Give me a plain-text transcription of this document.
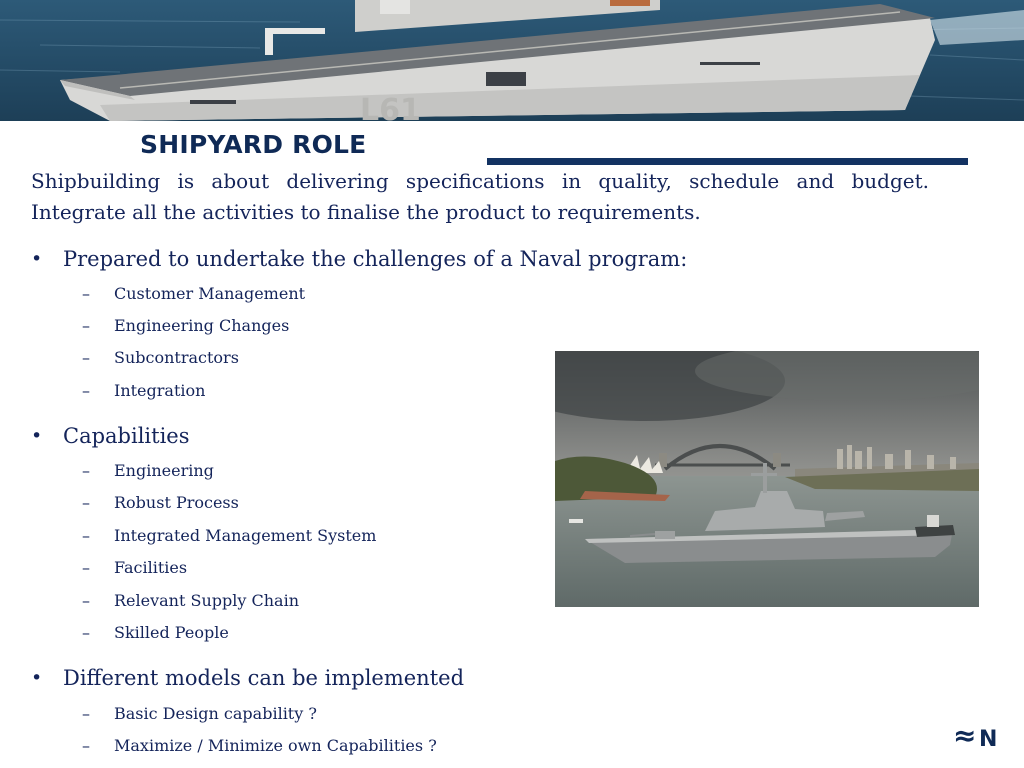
L61
SHIPYARD ROLE

Shipbuilding is about delivering specifications in quality, schedule and budget. Integrate all the activities to finalise the product to requirements.

• Prepared to undertake the challenges of a Naval program:
– Customer Management
– Engineering Changes
– Subcontractors
– Integration
• Capabilities
– Engineering
– Robust Process
– Integrated Management System
– Facilities
– Relevant Supply Chain
– Skilled People
• Different models can be implemented
– Basic Design capability ?
– Maximize / Minimize own Capabilities ?	≈ N
